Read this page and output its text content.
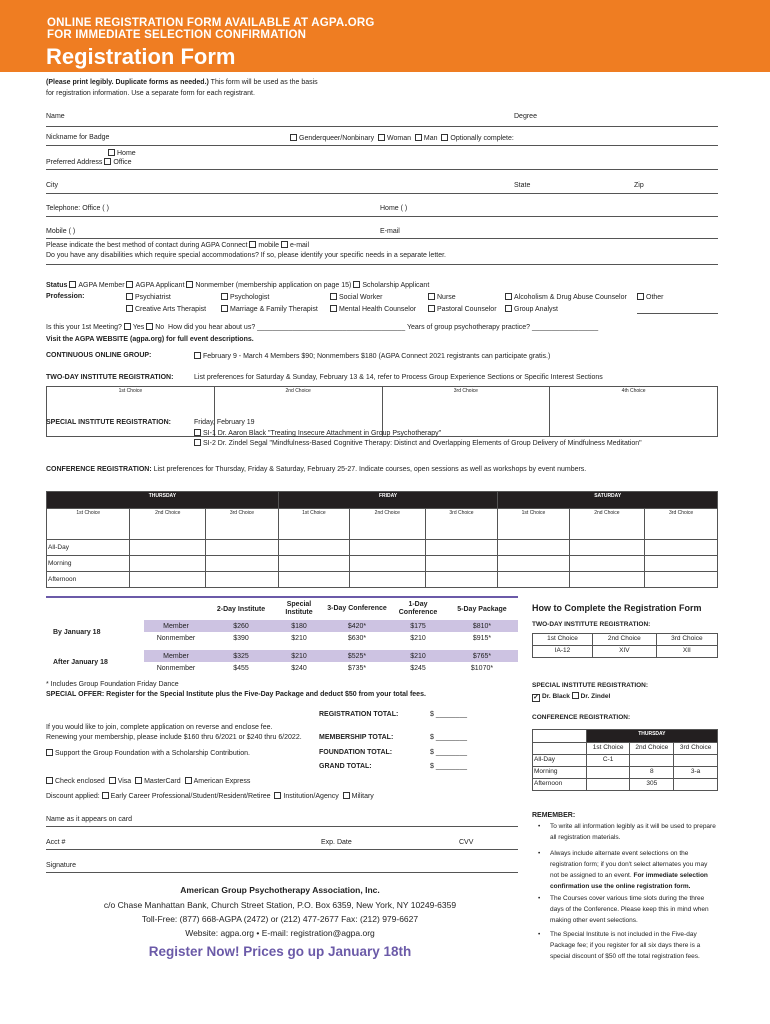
ONLINE REGISTRATION FORM AVAILABLE AT AGPA.ORG
FOR IMMEDIATE SELECTION CONFIRMATION
Registration Form
(Please print legibly. Duplicate forms as needed.) This form will be used as the basis
for registration information. Use a separate form for each registrant.
Name	Degree
Nickname for Badge	Genderqueer/Nonbinary Woman Man Optionally complete:
Home
Preferred Address Office
City	State	Zip
Telephone: Office ( )	Home ( )
Mobile ( )	E-mail
Please indicate the best method of contact during AGPA Connect mobile e-mail
Do you have any disabilities which require special accommodations? If so, please identify your specific needs in a separate letter.
Status AGPA Member AGPA Applicant Nonmember (membership application on page 15) Scholarship Applicant
Profession:	Psychiatrist	Psychologist	Social Worker	Nurse	Alcoholism & Drug Abuse Counselor	Other
Creative Arts Therapist	Marriage & Family Therapist	Mental Health Counselor	Pastoral Counselor	Group Analyst
Is this your 1st Meeting? Yes No How did you hear about us? ______________________________________ Years of group psychotherapy practice? _________________
Visit the AGPA WEBSITE (agpa.org) for full event descriptions.
CONTINUOUS ONLINE GROUP:	February 9 - March 4 Members $90; Nonmembers $180 (AGPA Connect 2021 registrants can participate gratis.)
TWO-DAY INSTITUTE REGISTRATION:	List preferences for Saturday & Sunday, February 13 & 14, refer to Process Group Experience Sections or Specific Interest Sections
1st Choice	2nd Choice	3rd Choice	4th Choice
SPECIAL INSTITUTE REGISTRATION:	Friday, February 19
SI-1 Dr. Aaron Black "Treating Insecure Attachment in Group Psychotherapy"
SI-2 Dr. Zindel Segal "Mindfulness-Based Cognitive Therapy: Distinct and Overlapping Elements of Group Delivery of Mindfulness Meditation"
CONFERENCE REGISTRATION: List preferences for Thursday, Friday & Saturday, February 25-27. Indicate courses, open sessions as well as workshops by event numbers.
THURSDAY			FRIDAY			SATURDAY		
1st Choice	2nd Choice	3rd Choice	1st Choice	2nd Choice	3rd Choice	1st Choice	2nd Choice	3rd Choice
All-Day								
Morning								
Afternoon								
		2-Day Institute	Special Institute	3-Day Conference	1-Day Conference	5-Day Package
By January 18	Member	$260	$180	$420*	$175	$810*
	Nonmember	$390	$210	$630*	$210	$915*

After January 18	Member	$325	$210	$525*	$210	$765*
	Nonmember	$455	$240	$735*	$245	$1070*
* Includes Group Foundation Friday Dance
SPECIAL OFFER: Register for the Special Institute plus the Five-Day Package and deduct $50 from your total fees.
REGISTRATION TOTAL:	$ ________
If you would like to join, complete application on reverse and enclose fee.
Renewing your membership, please include $160 thru 6/2021 or $240 thru 6/2022. MEMBERSHIP TOTAL:	$ ________
Support the Group Foundation with a Scholarship Contribution.	FOUNDATION TOTAL:	$ ________
GRAND TOTAL:	$ ________
Check enclosed Visa MasterCard American Express
Discount applied: Early Career Professional/Student/Resident/Retiree Institution/Agency Military
Name as it appears on card
Acct #	Exp. Date	CVV
Signature
American Group Psychotherapy Association, Inc.
c/o Chase Manhattan Bank, Church Street Station, P.O. Box 6359, New York, NY 10249-6359
Toll-Free: (877) 668-AGPA (2472) or (212) 477-2677 Fax: (212) 979-6627
Website: agpa.org • E-mail: registration@agpa.org
Register Now! Prices go up January 18th
How to Complete the Registration Form
TWO-DAY INSTITUTE REGISTRATION:
1st Choice	2nd Choice	3rd Choice
IA-12	XIV	XII
SPECIAL INSTITUTE REGISTRATION:
✓ Dr. Black Dr. Zindel
CONFERENCE REGISTRATION:
	THURSDAY		
	1st Choice	2nd Choice	3rd Choice
All-Day	C-1		
Morning		8	3-a
Afternoon		305	
REMEMBER:
• To write all information legibly as it will be used to prepare all registration materials.
• Always include alternate event selections on the registration form; if you don't select alternates you may not be assigned to an event. For immediate selection confirmation use the online registration form.
• The Courses cover various time slots during the three days of the Conference. Please keep this in mind when making other event selections.
• The Special Institute is not included in the Five-day Package fee; if you register for all six days there is a special discount of $50 off the total registration fees.
